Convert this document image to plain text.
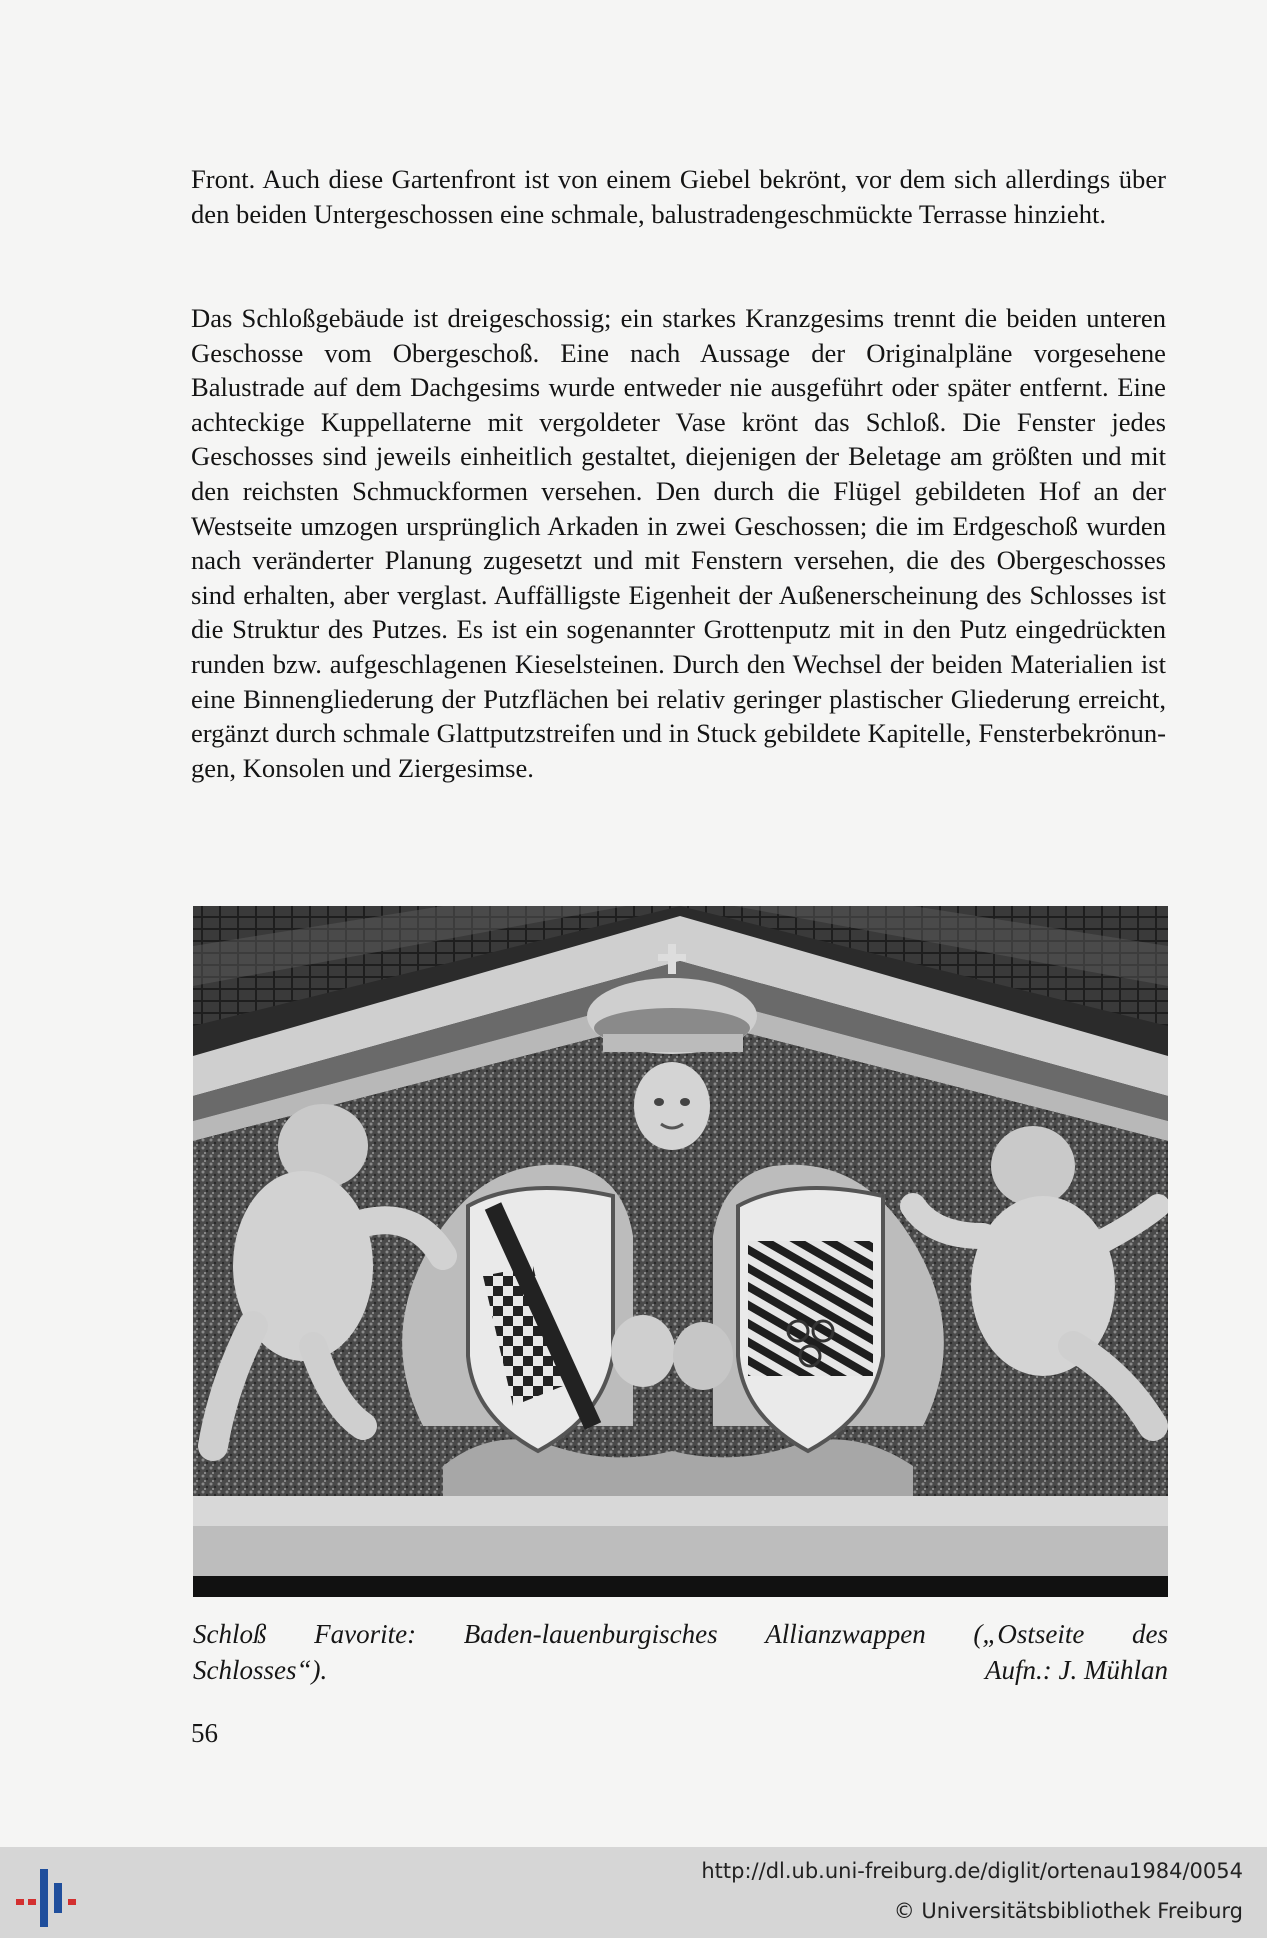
Front. Auch diese Gartenfront ist von einem Giebel bekrönt, vor dem sich allerdings über den beiden Untergeschossen eine schmale, balustradengeschmückte Terrasse hinzieht.

Das Schloßgebäude ist dreigeschossig; ein starkes Kranzgesims trennt die beiden unteren Geschosse vom Obergeschoß. Eine nach Aussage der Originalpläne vorgesehene Balustrade auf dem Dachgesims wurde entweder nie ausgeführt oder später entfernt. Eine achteckige Kuppellaterne mit vergoldeter Vase krönt das Schloß. Die Fenster jedes Geschosses sind jeweils einheitlich gestaltet, diejenigen der Beletage am größten und mit den reichsten Schmuckformen versehen. Den durch die Flügel gebildeten Hof an der Westseite umzogen ursprünglich Arkaden in zwei Geschossen; die im Erdgeschoß wurden nach veränderter Planung zugesetzt und mit Fenstern versehen, die des Obergeschosses sind erhalten, aber verglast. Auffälligste Eigenheit der Außenerscheinung des Schlosses ist die Struktur des Putzes. Es ist ein sogenannter Grottenputz mit in den Putz eingedrückten runden bzw. aufgeschlagenen Kieselsteinen. Durch den Wechsel der beiden Materialien ist eine Binnengliederung der Putzflächen bei relativ geringer plastischer Gliederung erreicht, ergänzt durch schmale Glattputzstreifen und in Stuck gebildete Kapitelle, Fensterbekrönungen, Konsolen und Ziergesimse.

Schloß Favorite: Baden-lauenburgisches Allianzwappen („Ostseite des
Schlosses“).	Aufn.: J. Mühlan
56
http://dl.ub.uni-freiburg.de/diglit/ortenau1984/0054
© Universitätsbibliothek Freiburg
